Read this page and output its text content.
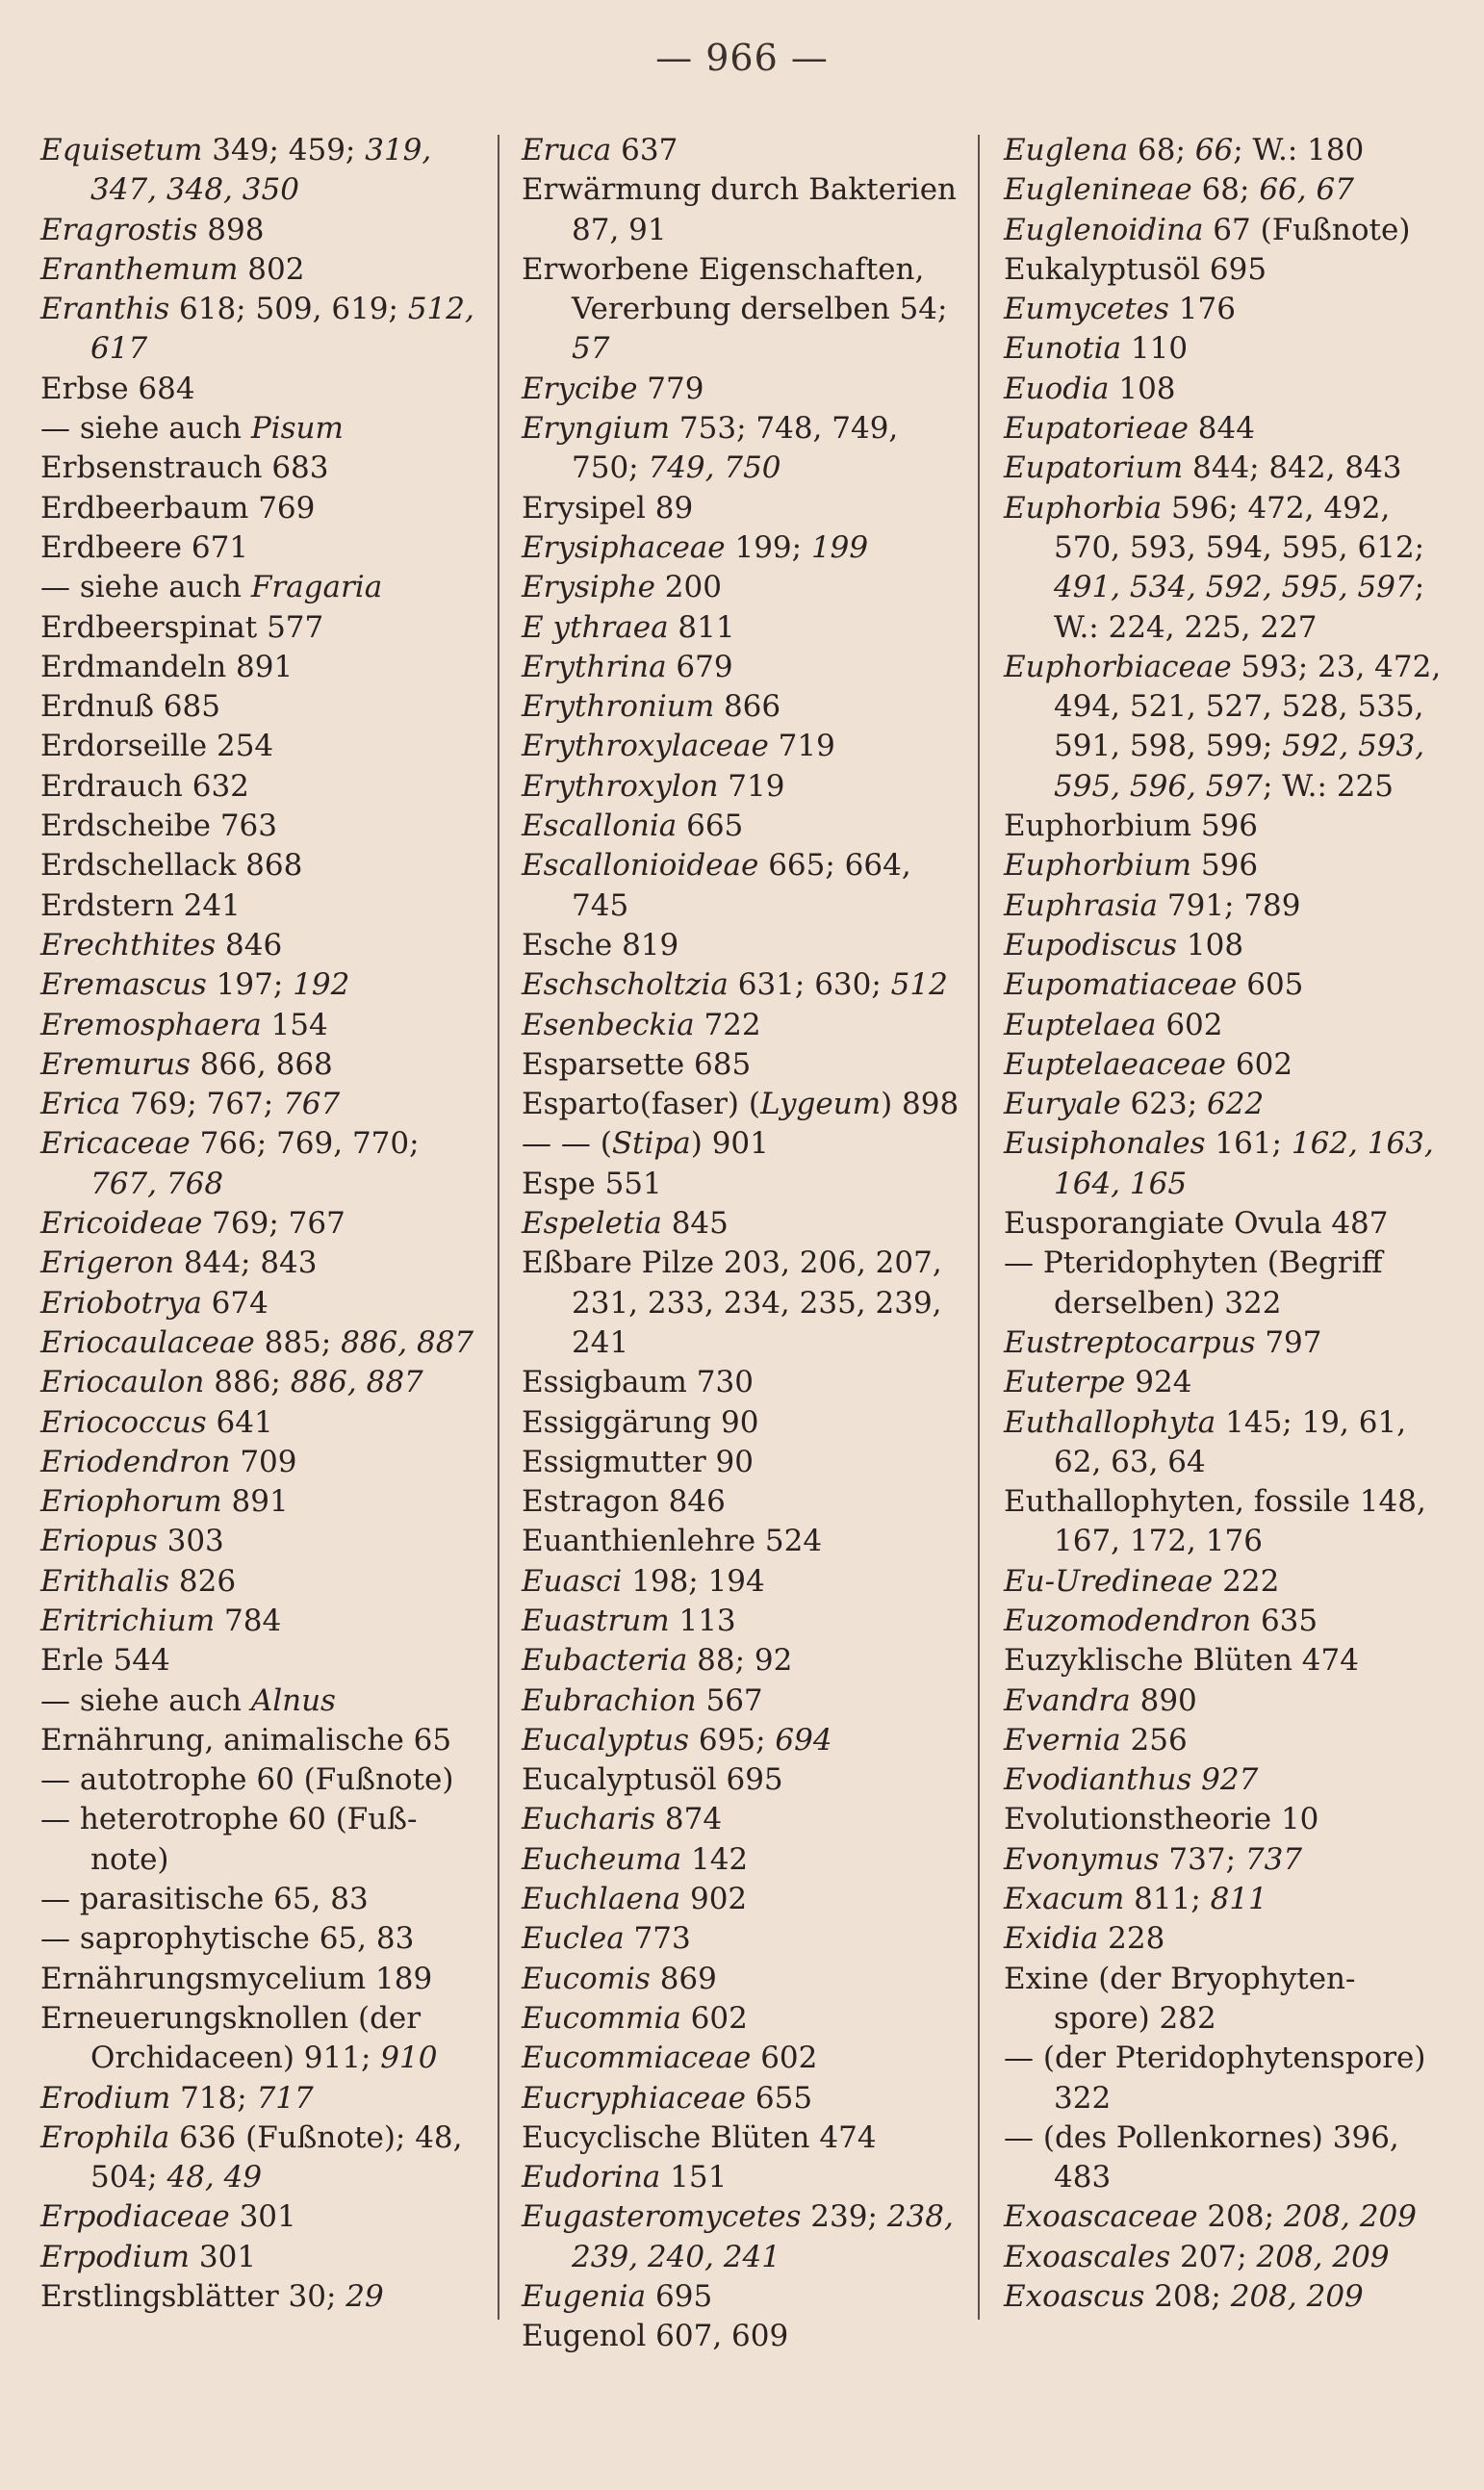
— 966 —
Equisetum 349; 459; 319, 347, 348, 350
Eragrostis 898
Eranthemum 802
Eranthis 618; 509, 619; 512, 617
Erbse 684
— siehe auch Pisum
Erbsenstrauch 683
Erdbeerbaum 769
Erdbeere 671
— siehe auch Fragaria
Erdbeerspinat 577
Erdmandeln 891
Erdnuß 685
Erdorseille 254
Erdrauch 632
Erdscheibe 763
Erdschellack 868
Erdstern 241
Erechthites 846
Eremascus 197; 192
Eremosphaera 154
Eremurus 866, 868
Erica 769; 767; 767
Ericaceae 766; 769, 770; 767, 768
Ericoideae 769; 767
Erigeron 844; 843
Eriobotrya 674
Eriocaulaceae 885; 886, 887
Eriocaulon 886; 886, 887
Eriococcus 641
Eriodendron 709
Eriophorum 891
Eriopus 303
Erithalis 826
Eritrichium 784
Erle 544
— siehe auch Alnus
Ernährung, animalische 65
— autotrophe 60 (Fußnote)
— heterotrophe 60 (Fuß-note)
— parasitische 65, 83
— saprophytische 65, 83
Ernährungsmycelium 189
Erneuerungsknollen (der Orchidaceen) 911; 910
Erodium 718; 717
Erophila 636 (Fußnote); 48, 504; 48, 49
Erpodiaceae 301
Erpodium 301
Erstlingsblätter 30; 29
Eruca 637
Erwärmung durch Bakterien 87, 91
Erworbene Eigenschaften, Vererbung derselben 54; 57
Erycibe 779
Eryngium 753; 748, 749, 750; 749, 750
Erysipel 89
Erysiphaceae 199; 199
Erysiphe 200
E ythraea 811
Erythrina 679
Erythronium 866
Erythroxylaceae 719
Erythroxylon 719
Escallonia 665
Escallonioideae 665; 664, 745
Esche 819
Eschscholtzia 631; 630; 512
Esenbeckia 722
Esparsette 685
Esparto(faser) (Lygeum) 898
— — (Stipa) 901
Espe 551
Espeletia 845
Eßbare Pilze 203, 206, 207, 231, 233, 234, 235, 239, 241
Essigbaum 730
Essiggärung 90
Essigmutter 90
Estragon 846
Euanthienlehre 524
Euasci 198; 194
Euastrum 113
Eubacteria 88; 92
Eubrachion 567
Eucalyptus 695; 694
Eucalyptusöl 695
Eucharis 874
Eucheuma 142
Euchlaena 902
Euclea 773
Eucomis 869
Eucommia 602
Eucommiaceae 602
Eucryphiaceae 655
Eucyclische Blüten 474
Eudorina 151
Eugasteromycetes 239; 238, 239, 240, 241
Eugenia 695
Eugenol 607, 609
Euglena 68; 66; W.: 180
Euglenineae 68; 66, 67
Euglenoidina 67 (Fußnote)
Eukalyptusöl 695
Eumycetes 176
Eunotia 110
Euodia 108
Eupatorieae 844
Eupatorium 844; 842, 843
Euphorbia 596; 472, 492, 570, 593, 594, 595, 612; 491, 534, 592, 595, 597; W.: 224, 225, 227
Euphorbiaceae 593; 23, 472, 494, 521, 527, 528, 535, 591, 598, 599; 592, 593, 595, 596, 597; W.: 225
Euphorbium 596
Euphorbium 596
Euphrasia 791; 789
Eupodiscus 108
Eupomatiaceae 605
Euptelaea 602
Euptelaeaceae 602
Euryale 623; 622
Eusiphonales 161; 162, 163, 164, 165
Eusporangiate Ovula 487
— Pteridophyten (Begriff derselben) 322
Eustreptocarpus 797
Euterpe 924
Euthallophyta 145; 19, 61, 62, 63, 64
Euthallophyten, fossile 148, 167, 172, 176
Eu-Uredineae 222
Euzomodendron 635
Euzyklische Blüten 474
Evandra 890
Evernia 256
Evodianthus 927
Evolutionstheorie 10
Evonymus 737; 737
Exacum 811; 811
Exidia 228
Exine (der Bryophyten-spore) 282
— (der Pteridophytenspore) 322
— (des Pollenkornes) 396, 483
Exoascaceae 208; 208, 209
Exoascales 207; 208, 209
Exoascus 208; 208, 209
